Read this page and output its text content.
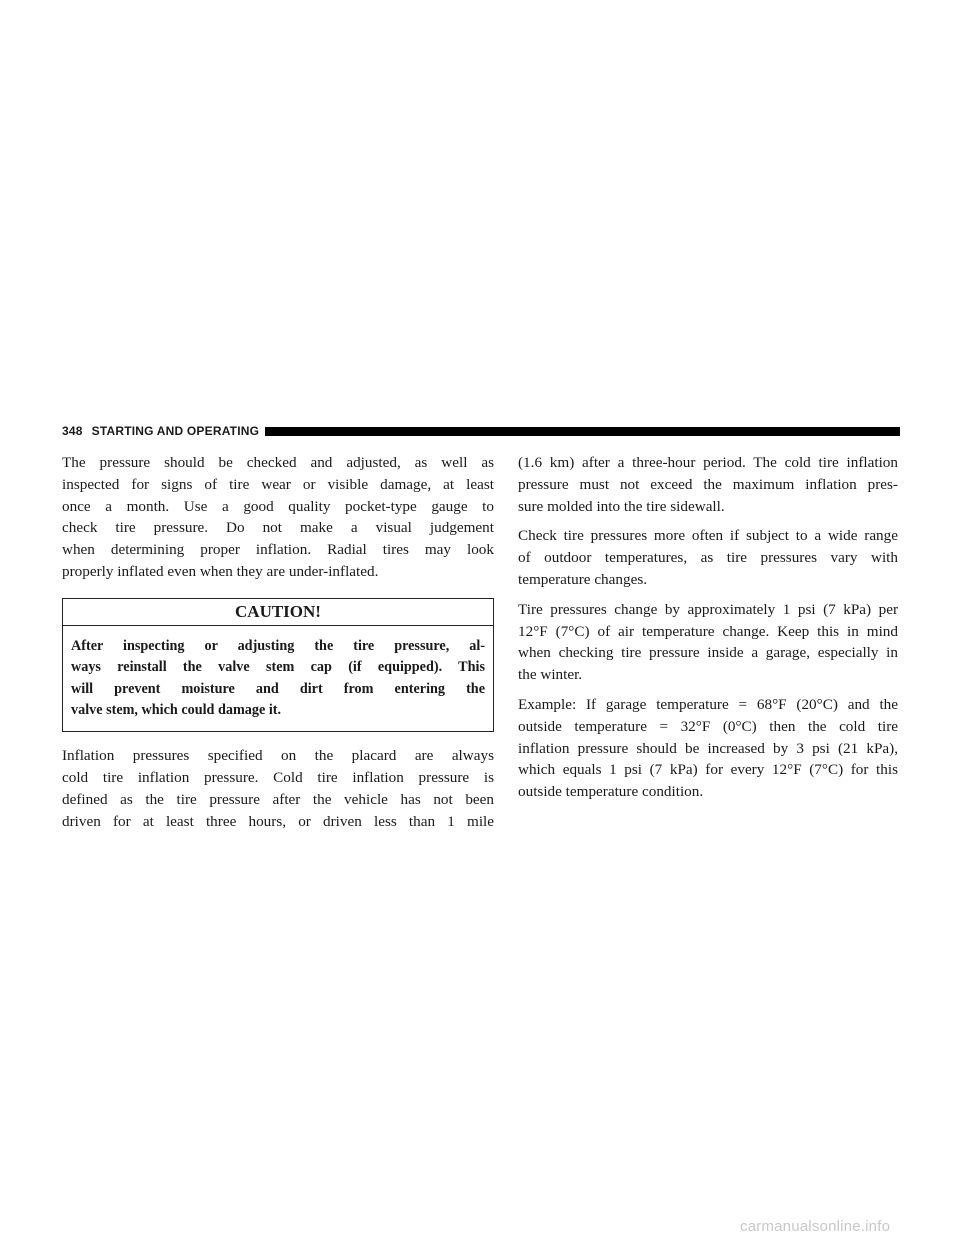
348 STARTING AND OPERATING
The pressure should be checked and adjusted, as well as
inspected for signs of tire wear or visible damage, at least
once a month. Use a good quality pocket-type gauge to
check tire pressure. Do not make a visual judgement
when determining proper inflation. Radial tires may look
properly inflated even when they are under-inflated.
CAUTION!
After inspecting or adjusting the tire pressure, al-
ways reinstall the valve stem cap (if equipped). This
will prevent moisture and dirt from entering the
valve stem, which could damage it.
Inflation pressures specified on the placard are always
cold tire inflation pressure. Cold tire inflation pressure is
defined as the tire pressure after the vehicle has not been
driven for at least three hours, or driven less than 1 mile
(1.6 km) after a three-hour period. The cold tire inflation
pressure must not exceed the maximum inflation pres-
sure molded into the tire sidewall.
Check tire pressures more often if subject to a wide range
of outdoor temperatures, as tire pressures vary with
temperature changes.
Tire pressures change by approximately 1 psi (7 kPa) per
12°F (7°C) of air temperature change. Keep this in mind
when checking tire pressure inside a garage, especially in
the winter.
Example: If garage temperature = 68°F (20°C) and the
outside temperature = 32°F (0°C) then the cold tire
inflation pressure should be increased by 3 psi (21 kPa),
which equals 1 psi (7 kPa) for every 12°F (7°C) for this
outside temperature condition.
carmanualsonline.info
